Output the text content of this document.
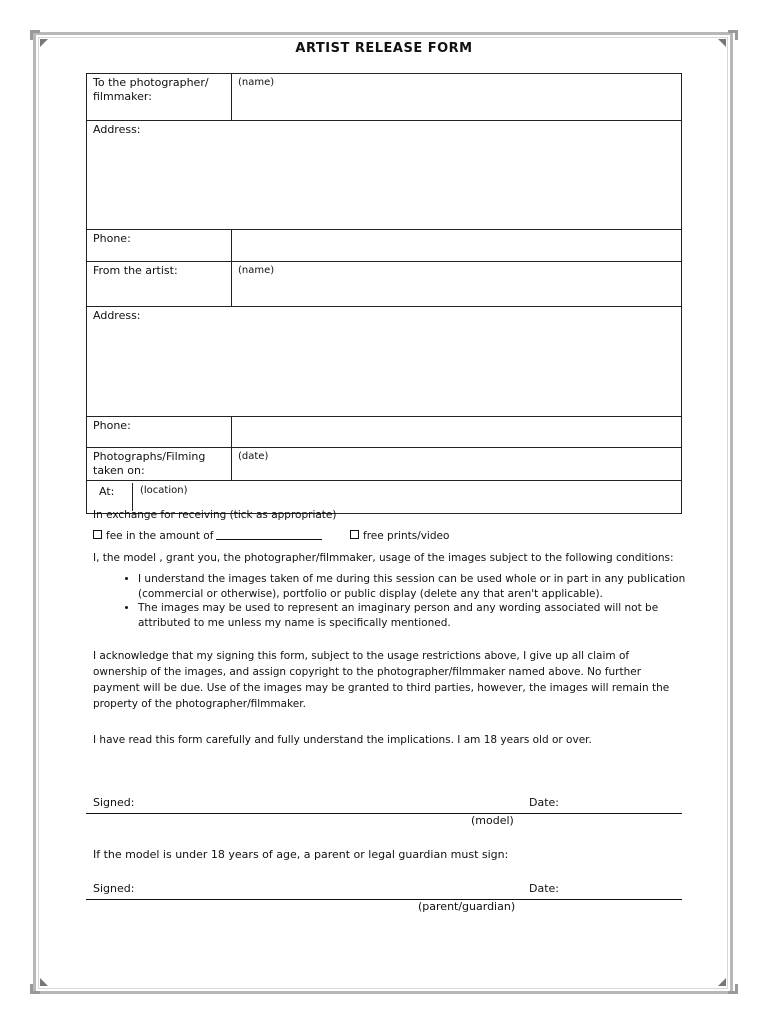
ARTIST RELEASE FORM
To the photographer/ filmmaker:	(name)
Address:	
Phone:	
From the artist:	(name)
Address:	
Phone:	
Photographs/Filming taken on:	(date)

At: (location)	
In exchange for receiving (tick as appropriate)
fee in the amount of	free prints/video
I, the model , grant you, the photographer/filmmaker, usage of the images subject to the following conditions:
• I understand the images taken of me during this session can be used whole or in part in any publication (commercial or otherwise), portfolio or public display (delete any that aren't applicable).
• The images may be used to represent an imaginary person and any wording associated will not be attributed to me unless my name is specifically mentioned.
I acknowledge that my signing this form, subject to the usage restrictions above, I give up all claim of ownership of the images, and assign copyright to the photographer/filmmaker named above. No further payment will be due. Use of the images may be granted to third parties, however, the images will remain the property of the photographer/filmmaker.
I have read this form carefully and fully understand the implications. I am 18 years old or over.
Signed:	Date:
(model)
If the model is under 18 years of age, a parent or legal guardian must sign:
Signed:	Date:
(parent/guardian)
